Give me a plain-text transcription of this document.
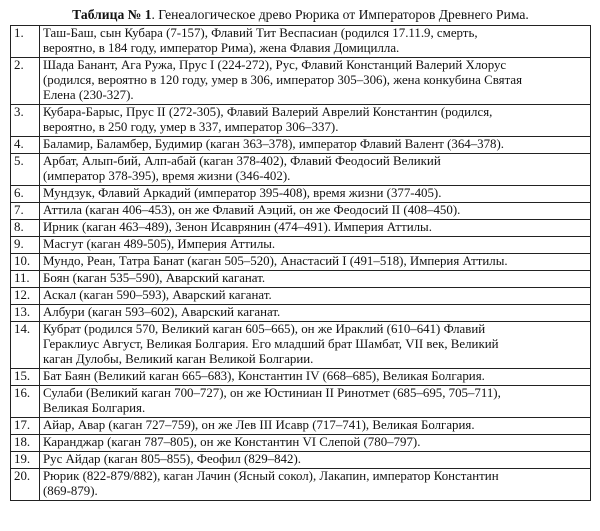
Таблица № 1. Генеалогическое древо Рюрика от Императоров Древнего Рима.
1.	Таш-Баш, сын Кубара (7-157), Флавий Тит Веспасиан (родился 17.11.9, смерть,
вероятно, в 184 году, император Рима), жена Флавия Домицилла.

2.	Шада Банант, Ага Ружа, Прус I (224-272), Рус, Флавий Констанций Валерий Хлорус
(родился, вероятно в 120 году, умер в 306, император 305–306), жена конкубина Святая
Елена (230-327).

3.	Кубара-Барыс, Прус II (272-305), Флавий Валерий Аврелий Константин (родился,
вероятно, в 250 году, умер в 337, император 306–337).

4.	Баламир, Баламбер, Будимир (каган 363–378), император Флавий Валент (364–378).

5.	Арбат, Алып-бий, Алп-абай (каган 378-402), Флавий Феодосий Великий
(император 378-395), время жизни (346-402).

6.	Мундзук, Флавий Аркадий (император 395-408), время жизни (377-405).

7.	Аттила (каган 406–453), он же Флавий Аэций, он же Феодосий II (408–450).

8.	Ирник (каган 463–489), Зенон Исаврянин (474–491). Империя Аттилы.

9.	Масгут (каган 489-505), Империя Аттилы.

10.	Мундо, Реан, Татра Банат (каган 505–520), Анастасий I (491–518), Империя Аттилы.

11.	Боян (каган 535–590), Аварский каганат.

12.	Аскал (каган 590–593), Аварский каганат.

13.	Албури (каган 593–602), Аварский каганат.

14.	Кубрат (родился 570, Великий каган 605–665), он же Ираклий (610–641) Флавий
Гераклиус Август, Великая Болгария. Его младший брат Шамбат, VII век, Великий
каган Дулобы, Великий каган Великой Болгарии.

15.	Бат Баян (Великий каган 665–683), Константин IV (668–685), Великая Болгария.

16.	Сулаби (Великий каган 700–727), он же Юстиниан II Ринотмет (685–695, 705–711),
Великая Болгария.

17.	Айар, Авар (каган 727–759), он же Лев III Исавр (717–741), Великая Болгария.

18.	Каранджар (каган 787–805), он же Константин VI Слепой (780–797).

19.	Рус Айдар (каган 805–855), Феофил (829–842).

20.	Рюрик (822-879/882), каган Лачин (Ясный сокол), Лакапин, император Константин
(869-879).
